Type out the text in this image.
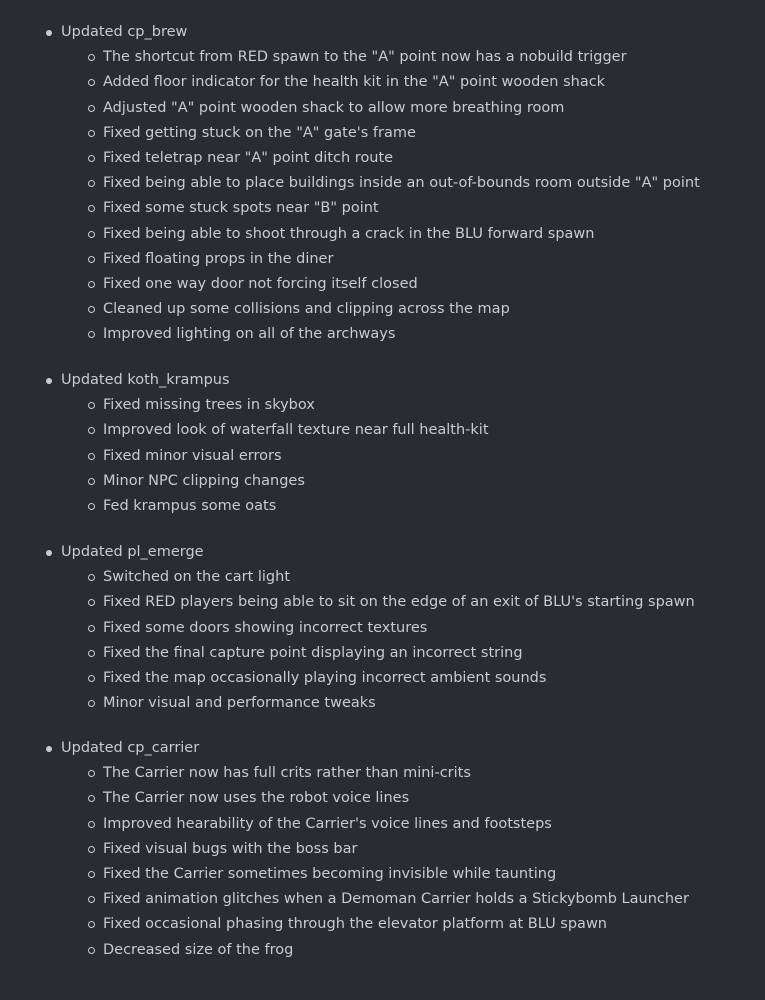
Updated cp_brew
The shortcut from RED spawn to the "A" point now has a nobuild trigger
Added floor indicator for the health kit in the "A" point wooden shack
Adjusted "A" point wooden shack to allow more breathing room
Fixed getting stuck on the "A" gate's frame
Fixed teletrap near "A" point ditch route
Fixed being able to place buildings inside an out-of-bounds room outside "A" point
Fixed some stuck spots near "B" point
Fixed being able to shoot through a crack in the BLU forward spawn
Fixed floating props in the diner
Fixed one way door not forcing itself closed
Cleaned up some collisions and clipping across the map
Improved lighting on all of the archways
Updated koth_krampus
Fixed missing trees in skybox
Improved look of waterfall texture near full health-kit
Fixed minor visual errors
Minor NPC clipping changes
Fed krampus some oats
Updated pl_emerge
Switched on the cart light
Fixed RED players being able to sit on the edge of an exit of BLU's starting spawn
Fixed some doors showing incorrect textures
Fixed the final capture point displaying an incorrect string
Fixed the map occasionally playing incorrect ambient sounds
Minor visual and performance tweaks
Updated cp_carrier
The Carrier now has full crits rather than mini-crits
The Carrier now uses the robot voice lines
Improved hearability of the Carrier's voice lines and footsteps
Fixed visual bugs with the boss bar
Fixed the Carrier sometimes becoming invisible while taunting
Fixed animation glitches when a Demoman Carrier holds a Stickybomb Launcher
Fixed occasional phasing through the elevator platform at BLU spawn
Decreased size of the frog
